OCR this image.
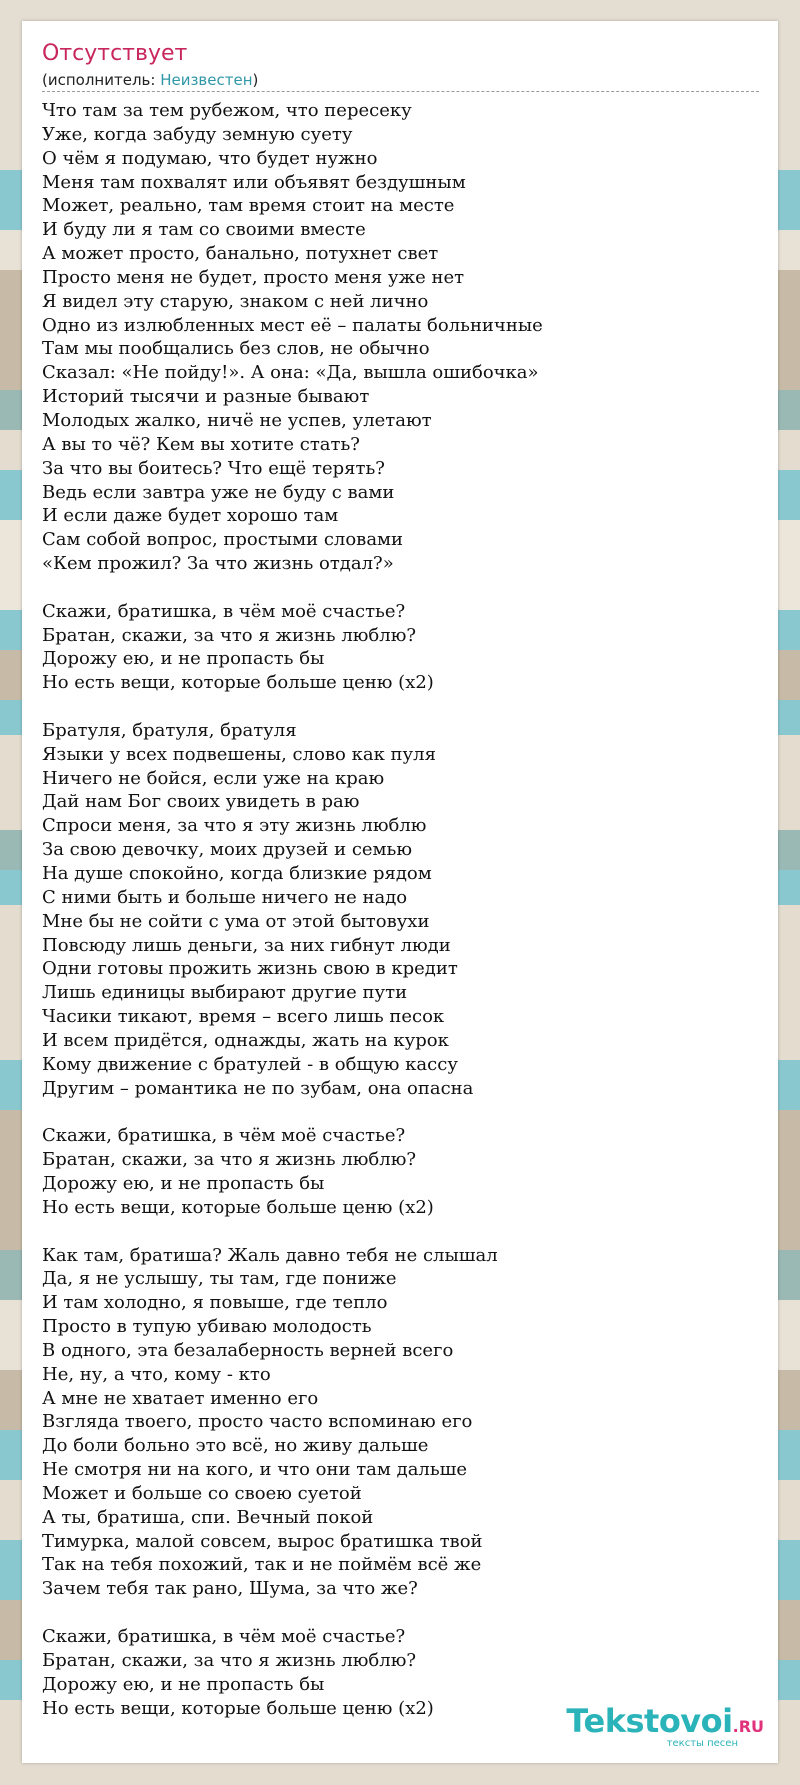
Отсутствует
(исполнитель: Неизвестен)
Что там за тем рубежом, что пересеку
Уже, когда забуду земную суету
О чём я подумаю, что будет нужно
Меня там похвалят или объявят бездушным
Может, реально, там время стоит на месте
И буду ли я там со своими вместе
А может просто, банально, потухнет свет
Просто меня не будет, просто меня уже нет
Я видел эту старую, знаком с ней лично
Одно из излюбленных мест её – палаты больничные
Там мы пообщались без слов, не обычно
Сказал: «Не пойду!». А она: «Да, вышла ошибочка»
Историй тысячи и разные бывают
Молодых жалко, ничё не успев, улетают
А вы то чё? Кем вы хотите стать?
За что вы боитесь? Что ещё терять?
Ведь если завтра уже не буду с вами
И если даже будет хорошо там
Сам собой вопрос, простыми словами
«Кем прожил? За что жизнь отдал?»
Скажи, братишка, в чём моё счастье?
Братан, скажи, за что я жизнь люблю?
Дорожу ею, и не пропасть бы
Но есть вещи, которые больше ценю (x2)
Братуля, братуля, братуля
Языки у всех подвешены, слово как пуля
Ничего не бойся, если уже на краю
Дай нам Бог своих увидеть в раю
Спроси меня, за что я эту жизнь люблю
За свою девочку, моих друзей и семью
На душе спокойно, когда близкие рядом
С ними быть и больше ничего не надо
Мне бы не сойти с ума от этой бытовухи
Повсюду лишь деньги, за них гибнут люди
Одни готовы прожить жизнь свою в кредит
Лишь единицы выбирают другие пути
Часики тикают, время – всего лишь песок
И всем придётся, однажды, жать на курок
Кому движение с братулей - в общую кассу
Другим – романтика не по зубам, она опасна
Скажи, братишка, в чём моё счастье?
Братан, скажи, за что я жизнь люблю?
Дорожу ею, и не пропасть бы
Но есть вещи, которые больше ценю (x2)
Как там, братиша? Жаль давно тебя не слышал
Да, я не услышу, ты там, где пониже
И там холодно, я повыше, где тепло
Просто в тупую убиваю молодость
В одного, эта безалаберность верней всего
Не, ну, а что, кому - кто
А мне не хватает именно его
Взгляда твоего, просто часто вспоминаю его
До боли больно это всё, но живу дальше
Не смотря ни на кого, и что они там дальше
Может и больше со своею суетой
А ты, братиша, спи. Вечный покой
Тимурка, малой совсем, вырос братишка твой
Так на тебя похожий, так и не поймём всё же
Зачем тебя так рано, Шума, за что же?
Скажи, братишка, в чём моё счастье?
Братан, скажи, за что я жизнь люблю?
Дорожу ею, и не пропасть бы
Но есть вещи, которые больше ценю (x2)	Tekstovoi.RU
тексты песен
